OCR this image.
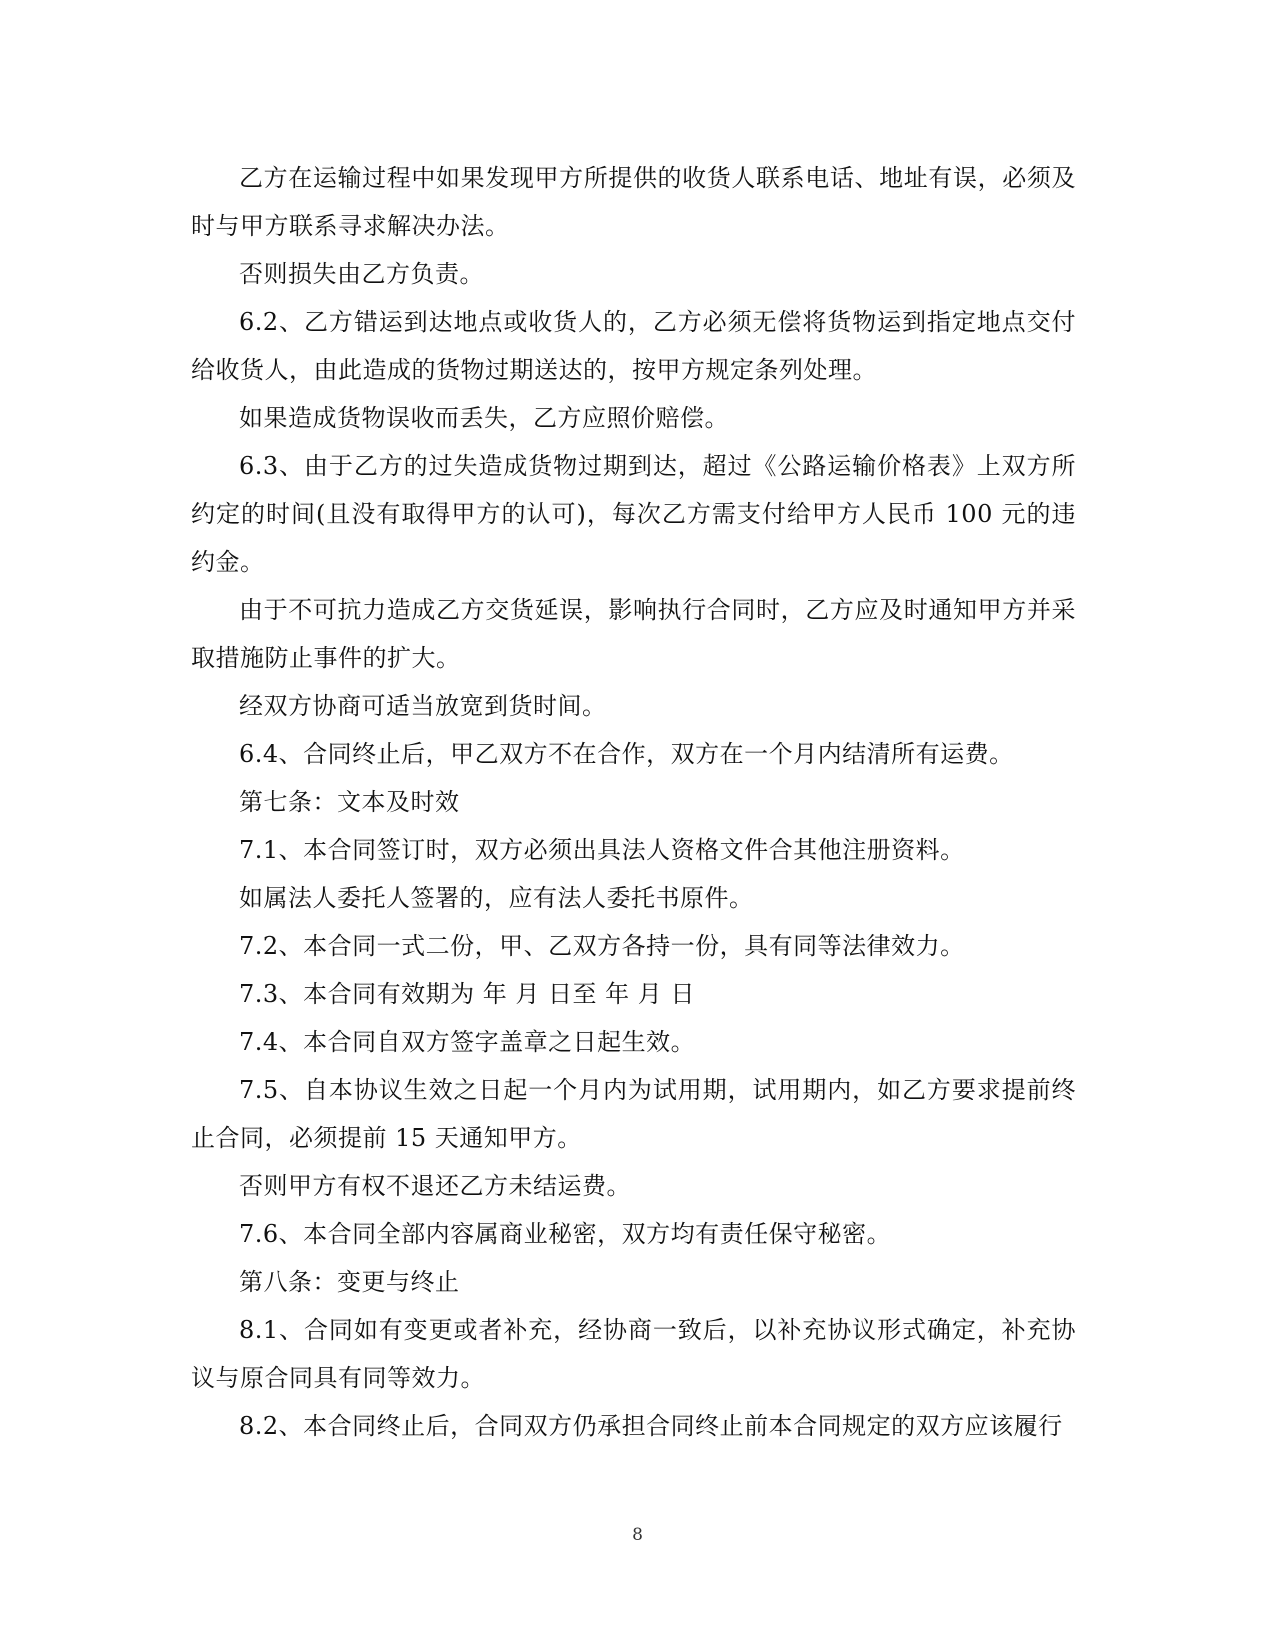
乙方在运输过程中如果发现甲方所提供的收货人联系电话、地址有误，必须及时与甲方联系寻求解决办法。

否则损失由乙方负责。

6.2、乙方错运到达地点或收货人的，乙方必须无偿将货物运到指定地点交付给收货人，由此造成的货物过期送达的，按甲方规定条列处理。

如果造成货物误收而丢失，乙方应照价赔偿。

6.3、由于乙方的过失造成货物过期到达，超过《公路运输价格表》上双方所约定的时间(且没有取得甲方的认可)，每次乙方需支付给甲方人民币 100 元的违约金。

由于不可抗力造成乙方交货延误，影响执行合同时，乙方应及时通知甲方并采取措施防止事件的扩大。

经双方协商可适当放宽到货时间。

6.4、合同终止后，甲乙双方不在合作，双方在一个月内结清所有运费。

第七条：文本及时效

7.1、本合同签订时，双方必须出具法人资格文件合其他注册资料。

如属法人委托人签署的，应有法人委托书原件。

7.2、本合同一式二份，甲、乙双方各持一份，具有同等法律效力。

7.3、本合同有效期为 年 月 日至 年 月 日

7.4、本合同自双方签字盖章之日起生效。

7.5、自本协议生效之日起一个月内为试用期，试用期内，如乙方要求提前终止合同，必须提前 15 天通知甲方。

否则甲方有权不退还乙方未结运费。

7.6、本合同全部内容属商业秘密，双方均有责任保守秘密。

第八条：变更与终止

8.1、合同如有变更或者补充，经协商一致后，以补充协议形式确定，补充协议与原合同具有同等效力。

8.2、本合同终止后，合同双方仍承担合同终止前本合同规定的双方应该履行

8
